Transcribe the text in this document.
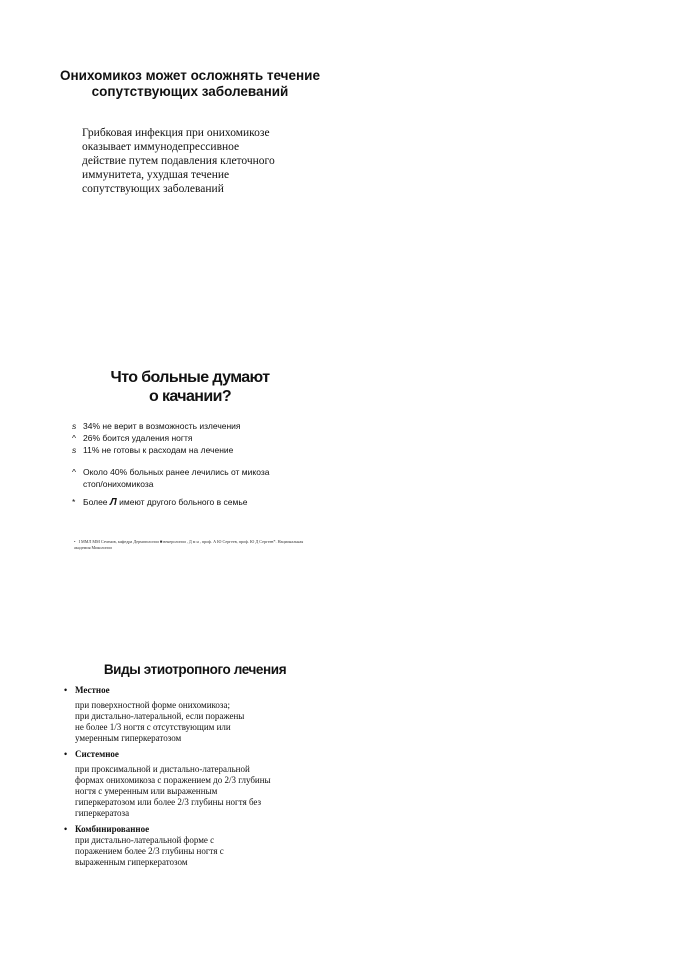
Онихомикоз может осложнять течение сопутствующих заболеваний

Грибковая инфекция при онихомикозе оказывает иммунодепрессивное действие путем подавления клеточного иммунитета, ухудшая течение сопутствующих заболеваний

Что больные думают
о качании?
s 34% не верит в возможность излечения
^ 26% боится удаления ногтя
s 11% не готовы к расходам на лечение
^ Около 40% больных ранее лечились от микоза стоп/онихомикоза
* Более Л имеют другого больного в семье
• I ММЛ ММ Сеченов, кафедра Дерматологии ■ венерологии , Д м н , проф. А Ю Сергеев, проф. Ю Д Сергеев*. Национальная академия Микологии
Виды этиотропного лечения
• Местное
при поверхностной форме онихомикоза;
при дистально-латеральной, если поражены
не более 1/3 ногтя с отсутствующим или
умеренным гиперкератозом
• Системное
при проксимальной и дистально-латеральной
формах онихомикоза с поражением до 2/3 глубины
ногтя с умеренным или выраженным
гиперкератозом или более 2/3 глубины ногтя без
гиперкератоза
• Комбинированное
при дистально-латеральной форме с
поражением более 2/3 глубины ногтя с
выраженным гиперкератозом
